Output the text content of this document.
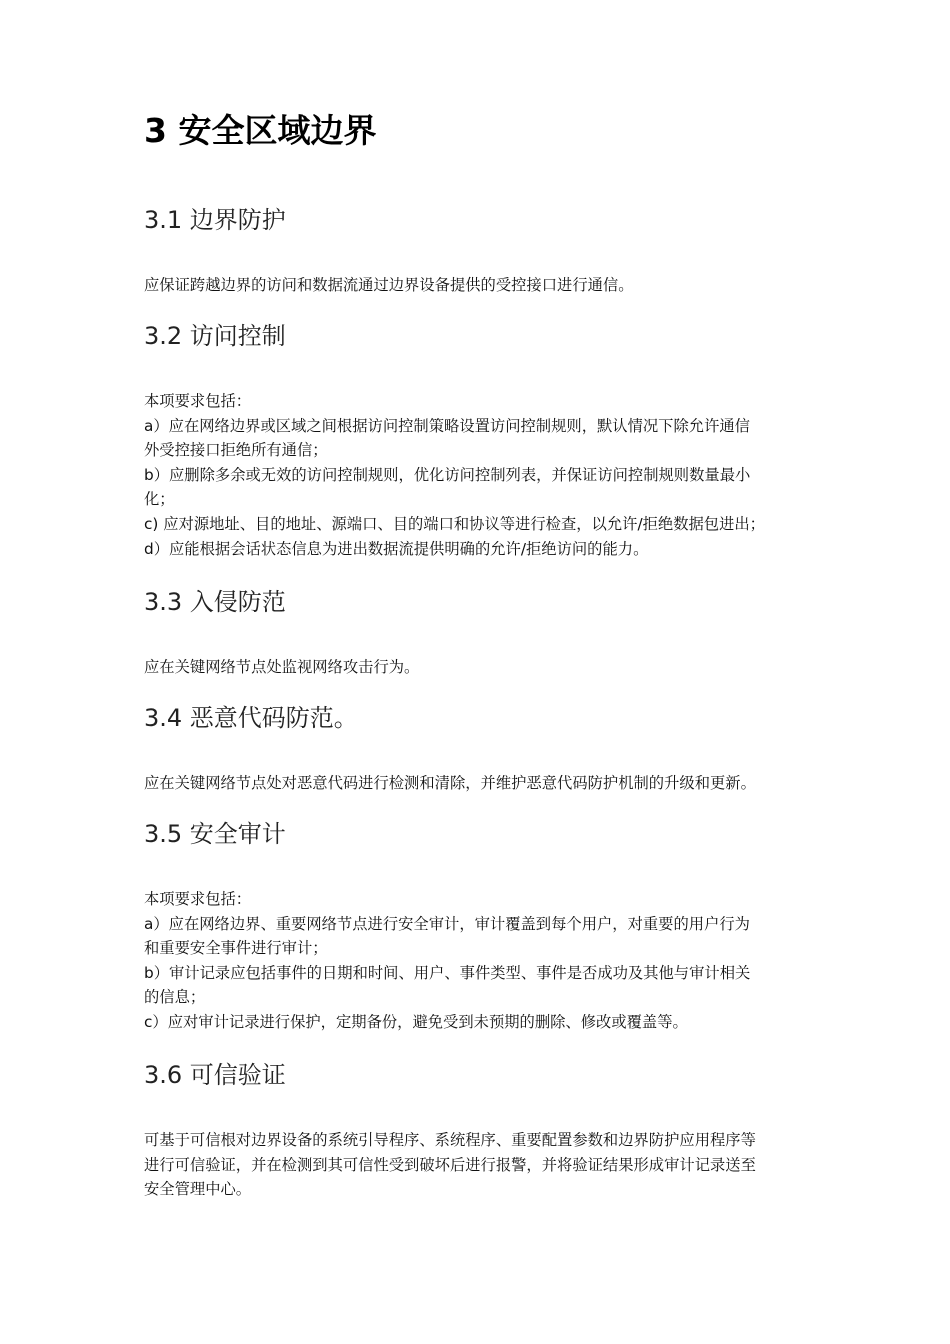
3 安全区域边界
3.1 边界防护
应保证跨越边界的访问和数据流通过边界设备提供的受控接口进行通信。
3.2 访问控制
本项要求包括：
a）应在网络边界或区域之间根据访问控制策略设置访问控制规则，默认情况下除允许通信
外受控接口拒绝所有通信；
b）应删除多余或无效的访问控制规则，优化访问控制列表，并保证访问控制规则数量最小
化；
c) 应对源地址、目的地址、源端口、目的端口和协议等进行检查，以允许/拒绝数据包进出；
d）应能根据会话状态信息为进出数据流提供明确的允许/拒绝访问的能力。
3.3 入侵防范
应在关键网络节点处监视网络攻击行为。
3.4 恶意代码防范。
应在关键网络节点处对恶意代码进行检测和清除，并维护恶意代码防护机制的升级和更新。
3.5 安全审计
本项要求包括：
a）应在网络边界、重要网络节点进行安全审计，审计覆盖到每个用户，对重要的用户行为
和重要安全事件进行审计；
b）审计记录应包括事件的日期和时间、用户、事件类型、事件是否成功及其他与审计相关
的信息；
c）应对审计记录进行保护，定期备份，避免受到未预期的删除、修改或覆盖等。
3.6 可信验证
可基于可信根对边界设备的系统引导程序、系统程序、重要配置参数和边界防护应用程序等
进行可信验证，并在检测到其可信性受到破坏后进行报警，并将验证结果形成审计记录送至
安全管理中心。
